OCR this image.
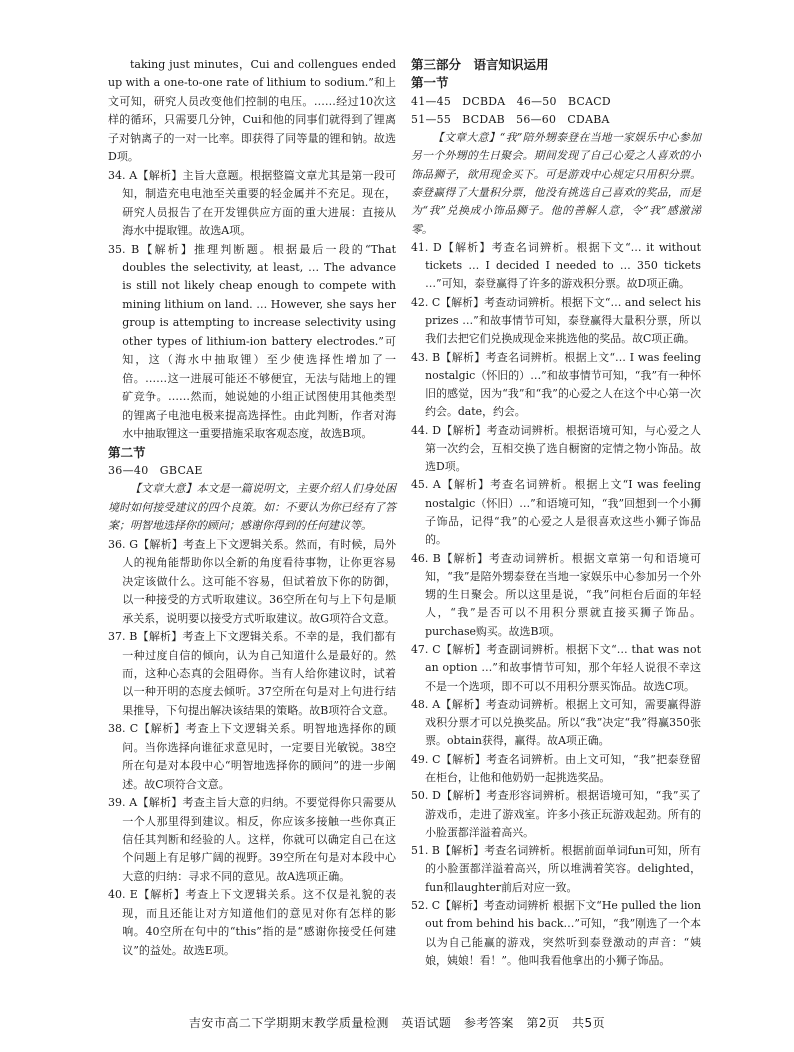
taking just minutes，Cui and collengues ended up with a one-to-one rate of lithium to sodium.”和上文可知，研究人员改变他们控制的电压。……经过10次这样的循环，只需要几分钟，Cui和他的同事们就得到了锂离子对钠离子的一对一比率。即获得了同等量的锂和钠。故选D项。

34. A【解析】主旨大意题。根据整篇文章尤其是第一段可知，制造充电电池至关重要的轻金属并不充足。现在，研究人员报告了在开发锂供应方面的重大进展：直接从海水中提取锂。故选A项。

35. B【解析】推理判断题。根据最后一段的“That doubles the selectivity, at least, … The advance is still not likely cheap enough to compete with mining lithium on land. … However, she says her group is attempting to increase selectivity using other types of lithium-ion battery electrodes.”可知，这（海水中抽取锂）至少使选择性增加了一倍。……这一进展可能还不够便宜，无法与陆地上的锂矿竞争。……然而，她说她的小组正试图使用其他类型的锂离子电池电极来提高选择性。由此判断，作者对海水中抽取锂这一重要措施采取客观态度，故选B项。

第二节

36—40　GBCAE

【文章大意】本文是一篇说明文，主要介绍人们身处困境时如何接受建议的四个良策。如：不要认为你已经有了答案；明智地选择你的顾问；感谢你得到的任何建议等。

36. G【解析】考查上下文逻辑关系。然而，有时候，局外人的视角能帮助你以全新的角度看待事物，让你更容易决定该做什么。这可能不容易，但试着放下你的防御，以一种接受的方式听取建议。36空所在句与上下句是顺承关系，说明要以接受方式听取建议。故G项符合文意。

37. B【解析】考查上下文逻辑关系。不幸的是，我们都有一种过度自信的倾向，认为自己知道什么是最好的。然而，这种心态真的会阻碍你。当有人给你建议时，试着以一种开明的态度去倾听。37空所在句是对上句进行结果推导，下句提出解决该结果的策略。故B项符合文意。

38. C【解析】考查上下文逻辑关系。明智地选择你的顾问。当你选择向谁征求意见时，一定要目光敏锐。38空所在句是对本段中心“明智地选择你的顾问”的进一步阐述。故C项符合文意。

39. A【解析】考查主旨大意的归纳。不要觉得你只需要从一个人那里得到建议。相反，你应该多接触一些你真正信任其判断和经验的人。这样，你就可以确定自己在这个问题上有足够广阔的视野。39空所在句是对本段中心大意的归纳：寻求不同的意见。故A选项正确。

40. E【解析】考查上下文逻辑关系。这不仅是礼貌的表现，而且还能让对方知道他们的意见对你有怎样的影响。40空所在句中的“this”指的是“感谢你接受任何建议”的益处。故选E项。

第三部分　语言知识运用

第一节

41—45　DCBDA　46—50　BCACD

51—55　BCDAB　56—60　CDABA

【文章大意】“我”陪外甥泰登在当地一家娱乐中心参加另一个外甥的生日聚会。期间发现了自己心爱之人喜欢的小饰品狮子，欲用现金买下。可是游戏中心规定只用积分票。泰登赢得了大量积分票，他没有挑选自己喜欢的奖品，而是为“我”兑换成小饰品狮子。他的善解人意，令“我”感激涕零。

41. D【解析】考查名词辨析。根据下文“… it without tickets … I decided I needed to … 350 tickets …”可知，泰登赢得了许多的游戏积分票。故D项正确。

42. C【解析】考查动词辨析。根据下文“… and select his prizes …”和故事情节可知，泰登赢得大量积分票，所以我们去把它们兑换成现金来挑选他的奖品。故C项正确。

43. B【解析】考查名词辨析。根据上文“… I was feeling nostalgic（怀旧的）…”和故事情节可知，“我”有一种怀旧的感觉，因为“我”和“我”的心爱之人在这个中心第一次约会。date，约会。

44. D【解析】考查动词辨析。根据语境可知，与心爱之人第一次约会，互相交换了选自橱窗的定情之物小饰品。故选D项。

45. A【解析】考查名词辨析。根据上文“I was feeling nostalgic（怀旧）…”和语境可知，“我”回想到一个小狮子饰品，记得“我”的心爱之人是很喜欢这些小狮子饰品的。

46. B【解析】考查动词辨析。根据文章第一句和语境可知，“我”是陪外甥泰登在当地一家娱乐中心参加另一个外甥的生日聚会。所以这里是说，“我”问柜台后面的年轻人，“我”是否可以不用积分票就直接买狮子饰品。purchase购买。故选B项。

47. C【解析】考查副词辨析。根据下文“… that was not an option …”和故事情节可知，那个年轻人说很不幸这不是一个选项，即不可以不用积分票买饰品。故选C项。

48. A【解析】考查动词辨析。根据上文可知，需要赢得游戏积分票才可以兑换奖品。所以“我”决定“我”得赢350张票。obtain获得，赢得。故A项正确。

49. C【解析】考查名词辨析。由上文可知，“我”把泰登留在柜台，让他和他奶奶一起挑选奖品。

50. D【解析】考查形容词辨析。根据语境可知，“我”买了游戏币，走进了游戏室。许多小孩正玩游戏起劲。所有的小脸蛋都洋溢着高兴。

51. B【解析】考查名词辨析。根据前面单词fun可知，所有的小脸蛋都洋溢着高兴，所以堆满着笑容。delighted，fun和laughter前后对应一致。

52. C【解析】考查动词辨析 根据下文“He pulled the lion out from behind his back…”可知，“我”刚选了一个本以为自己能赢的游戏，突然听到泰登激动的声音：“姨娘，姨娘！看！”。他叫我看他拿出的小狮子饰品。

吉安市高二下学期期末教学质量检测　英语试题　参考答案　第2页　共5页
